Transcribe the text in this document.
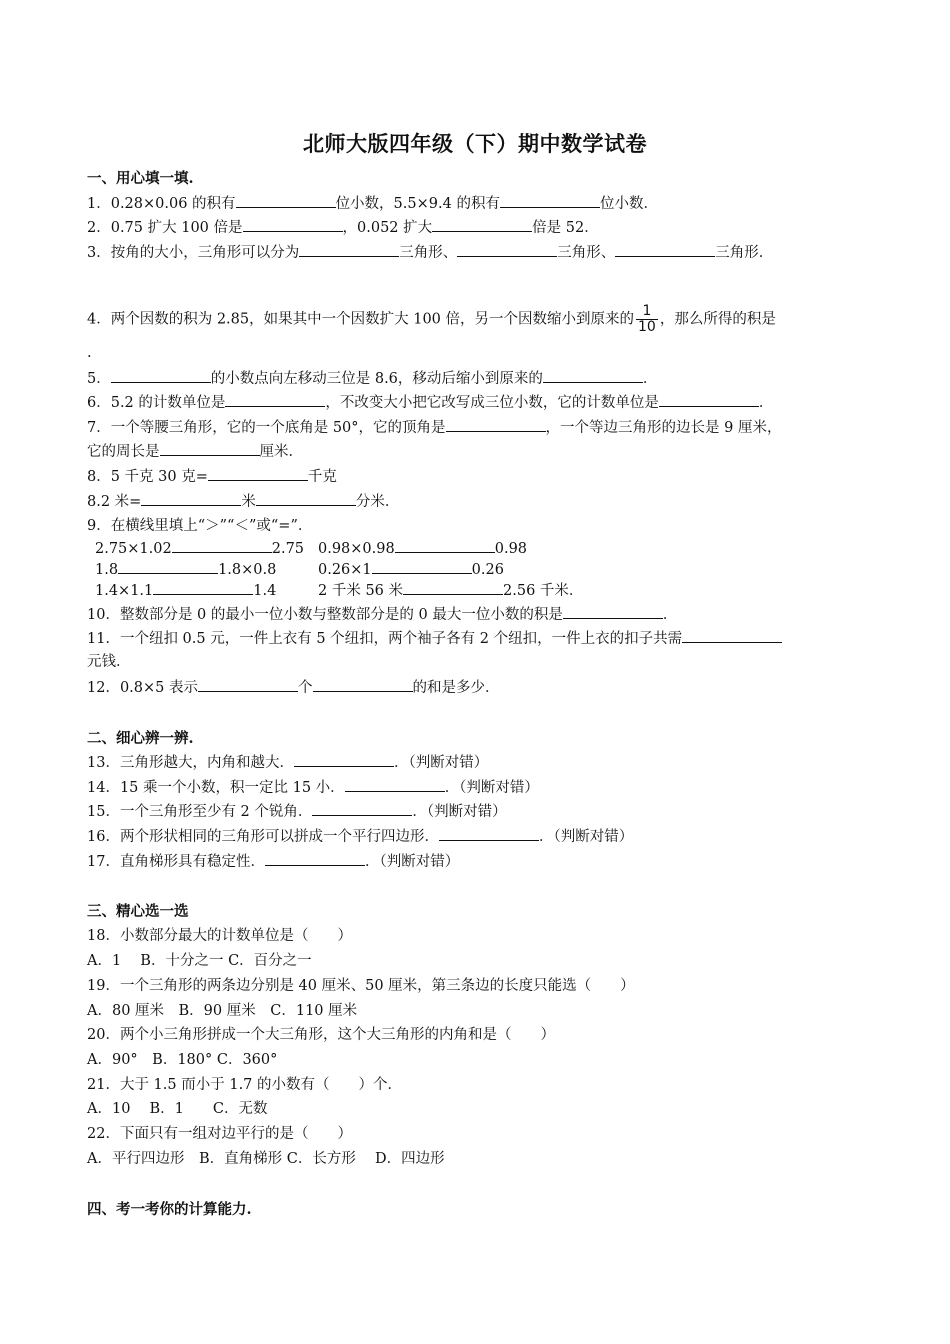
北师大版四年级（下）期中数学试卷
一、用心填一填.
1．0.28×0.06 的积有	位小数，5.5×9.4 的积有	位小数．
2．0.75 扩大 100 倍是	，0.052 扩大	倍是 52．
3．按角的大小，三角形可以分为	三角形、	三角形、	三角形．
4．两个因数的积为 2.85，如果其中一个因数扩大 100 倍，另一个因数缩小到原来的 $\frac{1}{10}$ ，那么所得的积是
.
5．	的小数点向左移动三位是 8.6，移动后缩小到原来的	．
6．5.2 的计数单位是	，不改变大小把它改写成三位小数，它的计数单位是	．
7．一个等腰三角形，它的一个底角是 50°，它的顶角是	，一个等边三角形的边长是 9 厘米，
它的周长是	厘米．
8．5 千克 30 克=	千克
8.2 米=	米	分米．
9．在横线里填上“＞”“＜”或“=”．
2.75×1.02	2.75 0.98×0.98	0.98
1.8	1.8×0.8	0.26×1	0.26
1.4×1.1	1.4	2 千米 56 米	2.56 千米．
10．整数部分是 0 的最小一位小数与整数部分是的 0 最大一位小数的积是	．
11．一个纽扣 0.5 元，一件上衣有 5 个纽扣，两个袖子各有 2 个纽扣，一件上衣的扣子共需
元钱．
12．0.8×5 表示	个	的和是多少．
二、细心辨一辨.
13．三角形越大，内角和越大．	．（判断对错）
14．15 乘一个小数，积一定比 15 小．	．（判断对错）
15．一个三角形至少有 2 个锐角．	．（判断对错）
16．两个形状相同的三角形可以拼成一个平行四边形．	．（判断对错）
17．直角梯形具有稳定性．	．（判断对错）
三、精心选一选
18．小数部分最大的计数单位是（　　）
A．1　 B．十分之一 C．百分之一
19．一个三角形的两条边分别是 40 厘米、50 厘米，第三条边的长度只能选（　　）
A．80 厘米　B．90 厘米　C．110 厘米
20．两个小三角形拼成一个大三角形，这个大三角形的内角和是（　　）
A．90°　B．180° C．360°
21．大于 1.5 而小于 1.7 的小数有（　　）个．
A．10　 B．1　　C．无数
22．下面只有一组对边平行的是（　　）
A．平行四边形　B．直角梯形 C．长方形　 D．四边形
四、考一考你的计算能力.
